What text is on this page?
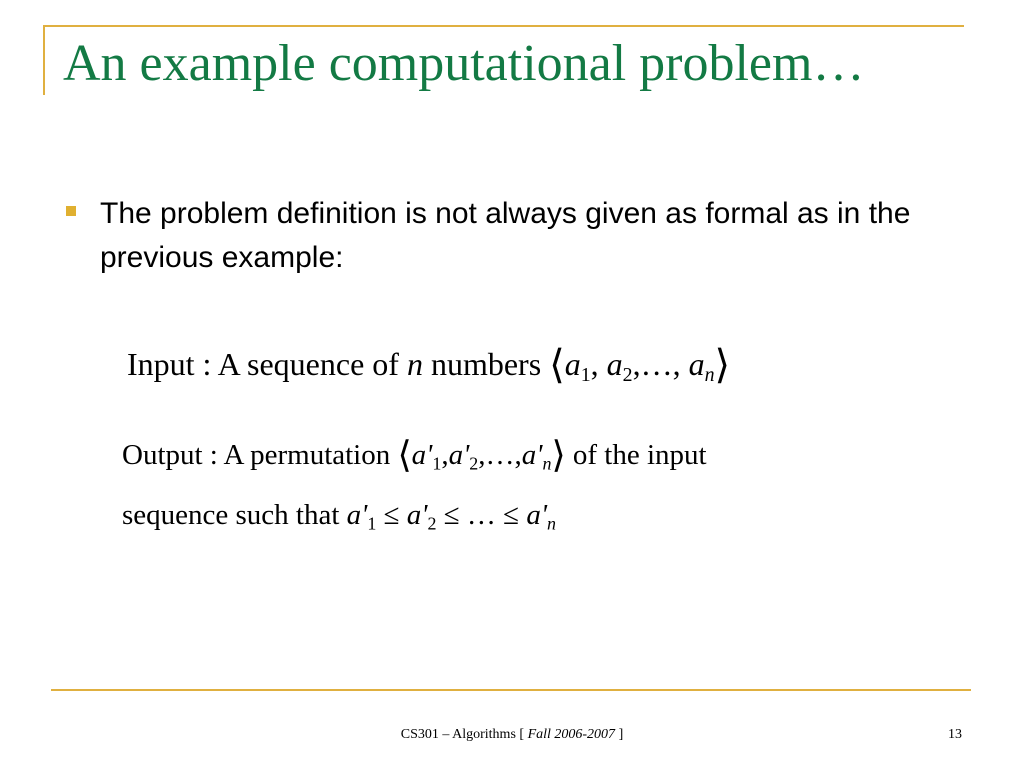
An example computational problem…

The problem definition is not always given as formal as in the previous example:

Input : A sequence of n numbers $⟨a_1$, $a_2,\dots$, $a_n⟩$
Output : A permutation $⟨a'_1,a'_2,\dots,a'_n⟩$ of the input
sequence such that $a'_1 \le a'_2$ ≤ … ≤ $a'_n$
CS301 – Algorithms [ Fall 2006-2007 ]	13
